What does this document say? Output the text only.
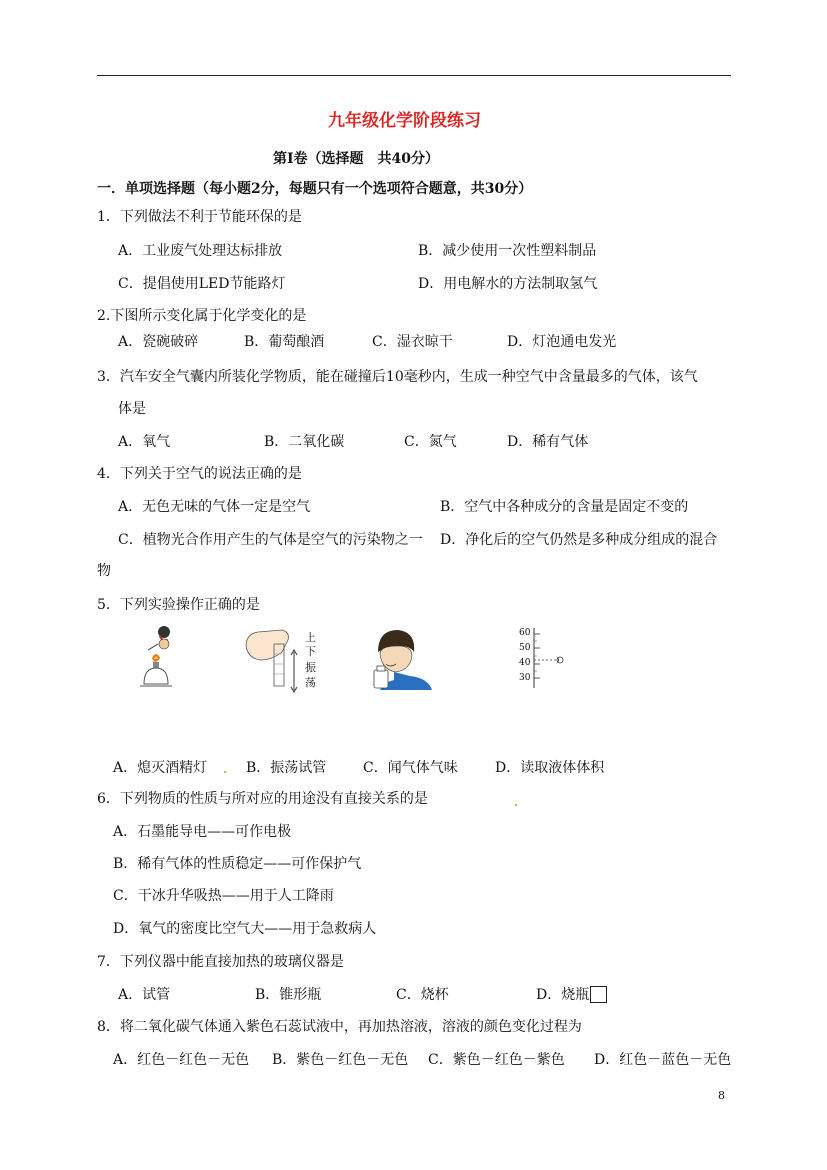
九年级化学阶段练习
第Ⅰ卷（选择题　共40分）
一．单项选择题（每小题2分，每题只有一个选项符合题意，共30分）
1．下列做法不利于节能环保的是
A．工业废气处理达标排放	B．减少使用一次性塑料制品
C．提倡使用LED节能路灯	D．用电解水的方法制取氢气
2.下图所示变化属于化学变化的是
A．瓷碗破碎	B．葡萄酿酒	C．湿衣晾干	D．灯泡通电发光
3．汽车安全气囊内所装化学物质，能在碰撞后10毫秒内，生成一种空气中含量最多的气体，该气
体是
A．氧气	B．二氧化碳	C．氮气	D．稀有气体
4．下列关于空气的说法正确的是
A．无色无味的气体一定是空气	B．空气中各种成分的含量是固定不变的
C．植物光合作用产生的气体是空气的污染物之一 D．净化后的空气仍然是多种成分组成的混合
物
5．下列实验操作正确的是
上
下
振
荡
60
50
40
30
A．熄灭酒精灯	B．振荡试管	C．闻气体气味	D．读取液体体积
6．下列物质的性质与所对应的用途没有直接关系的是
A．石墨能导电——可作电极
B．稀有气体的性质稳定——可作保护气
C．干冰升华吸热——用于人工降雨
D．氧气的密度比空气大——用于急救病人
7．下列仪器中能直接加热的玻璃仪器是
A．试管	B．锥形瓶	C．烧杯	D．烧瓶
8．将二氧化碳气体通入紫色石蕊试液中，再加热溶液，溶液的颜色变化过程为
A．红色－红色－无色 B．紫色－红色－无色 C．紫色－红色－紫色 D．红色－蓝色－无色
8
